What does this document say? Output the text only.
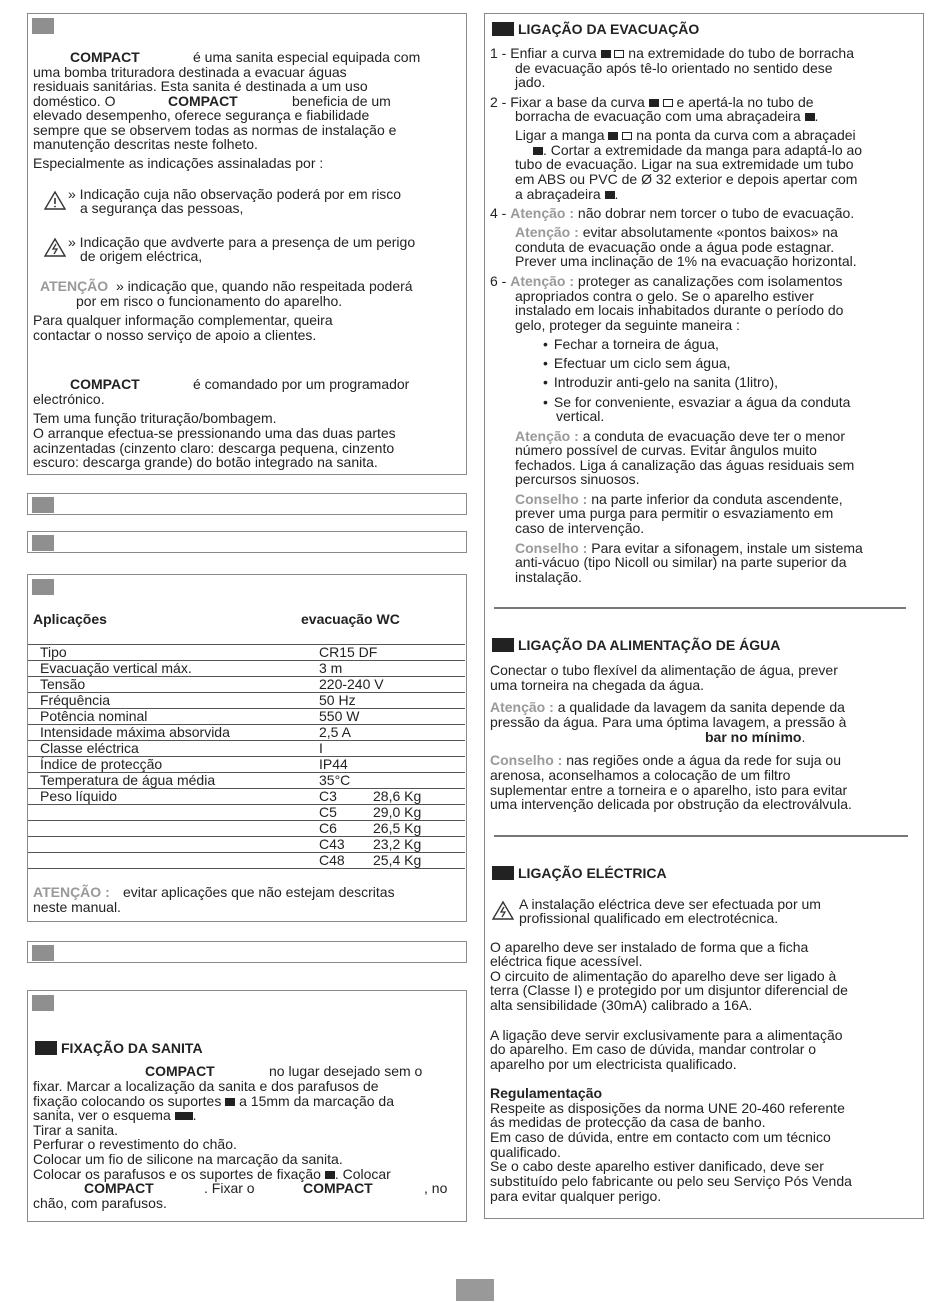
COMPACT	é uma sanita especial equipada com
uma bomba trituradora destinada a evacuar águas
residuais sanitárias. Esta sanita é destinada a um uso
doméstico. O	COMPACT	beneficia de um
elevado desempenho, oferece segurança e fiabilidade
sempre que se observem todas as normas de instalação e
manutenção descritas neste folheto.
Especialmente as indicações assinaladas por :
» Indicação cuja não observação poderá por em risco
a segurança das pessoas,
» Indicação que avdverte para a presença de um perigo
de origem eléctrica,
ATENÇÃO » indicação que, quando não respeitada poderá
por em risco o funcionamento do aparelho.
Para qualquer informação complementar, queira
contactar o nosso serviço de apoio a clientes.
COMPACT	é comandado por um programador
electrónico.
Tem uma função trituração/bombagem.
O arranque efectua-se pressionando uma das duas partes
acinzentadas (cinzento claro: descarga pequena, cinzento
escuro: descarga grande) do botão integrado na sanita.
Aplicações	evacuação WC
Tipo	CR15 DF
Evacuação vertical máx.	3 m
Tensão	220-240 V
Fréquência	50 Hz
Potência nominal	550 W
Intensidade máxima absorvida	2,5 A
Classe eléctrica	I
Índice de protecção	IP44
Temperatura de água média	35°C
Peso líquido	C3	28,6 Kg
C5	29,0 Kg
C6	26,5 Kg
C43 23,2 Kg
C48 25,4 Kg
ATENÇÃO : evitar aplicações que não estejam descritas
neste manual.
FIXAÇÃO DA SANITA
COMPACT	no lugar desejado sem o
fixar. Marcar a localização da sanita e dos parafusos de
fixação colocando os suportes a 15mm da marcação da
sanita, ver o esquema .
Tirar a sanita.
Perfurar o revestimento do chão.
Colocar um fio de silicone na marcação da sanita.
Colocar os parafusos e os suportes de fixação . Colocar
COMPACT	. Fixar o	COMPACT	, no
chão, com parafusos.
LIGAÇÃO DA EVACUAÇÃO
1 - Enfiar a curva na extremidade do tubo de borracha
de evacuação após tê-lo orientado no sentido dese
jado.
2 - Fixar a base da curva e apertá-la no tubo de
borracha de evacuação com uma abraçadeira .
Ligar a manga na ponta da curva com a abraçadei
. Cortar a extremidade da manga para adaptá-lo ao
tubo de evacuação. Ligar na sua extremidade um tubo
em ABS ou PVC de Ø 32 exterior e depois apertar com
a abraçadeira .
4 - Atenção : não dobrar nem torcer o tubo de evacuação.
Atenção : evitar absolutamente «pontos baixos» na
conduta de evacuação onde a água pode estagnar.
Prever uma inclinação de 1% na evacuação horizontal.
6 - Atenção : proteger as canalizações com isolamentos
apropriados contra o gelo. Se o aparelho estiver
instalado em locais inhabitados durante o período do
gelo, proteger da seguinte maneira :
• Fechar a torneira de água,
• Efectuar um ciclo sem água,
• Introduzir anti-gelo na sanita (1litro),
• Se for conveniente, esvaziar a água da conduta
vertical.
Atenção : a conduta de evacuação deve ter o menor
número possível de curvas. Evitar ângulos muito
fechados. Liga á canalização das águas residuais sem
percursos sinuosos.
Conselho : na parte inferior da conduta ascendente,
prever uma purga para permitir o esvaziamento em
caso de intervenção.
Conselho : Para evitar a sifonagem, instale um sistema
anti-vácuo (tipo Nicoll ou similar) na parte superior da
instalação.
LIGAÇÃO DA ALIMENTAÇÃO DE ÁGUA
Conectar o tubo flexível da alimentação de água, prever
uma torneira na chegada da água.
Atenção : a qualidade da lavagem da sanita depende da
pressão da água. Para uma óptima lavagem, a pressão à
bar no mínimo.
Conselho : nas regiões onde a água da rede for suja ou
arenosa, aconselhamos a colocação de um filtro
suplementar entre a torneira e o aparelho, isto para evitar
uma intervenção delicada por obstrução da electroválvula.
LIGAÇÃO ELÉCTRICA
A instalação eléctrica deve ser efectuada por um
profissional qualificado em electrotécnica.
O aparelho deve ser instalado de forma que a ficha
eléctrica fique acessível.
O circuito de alimentação do aparelho deve ser ligado à
terra (Classe I) e protegido por um disjuntor diferencial de
alta sensibilidade (30mA) calibrado a 16A.
A ligação deve servir exclusivamente para a alimentação
do aparelho. Em caso de dúvida, mandar controlar o
aparelho por um electricista qualificado.
Regulamentação
Respeite as disposições da norma UNE 20-460 referente
ás medidas de protecção da casa de banho.
Em caso de dúvida, entre em contacto com um técnico
qualificado.
Se o cabo deste aparelho estiver danificado, deve ser
substituído pelo fabricante ou pelo seu Serviço Pós Venda
para evitar qualquer perigo.
